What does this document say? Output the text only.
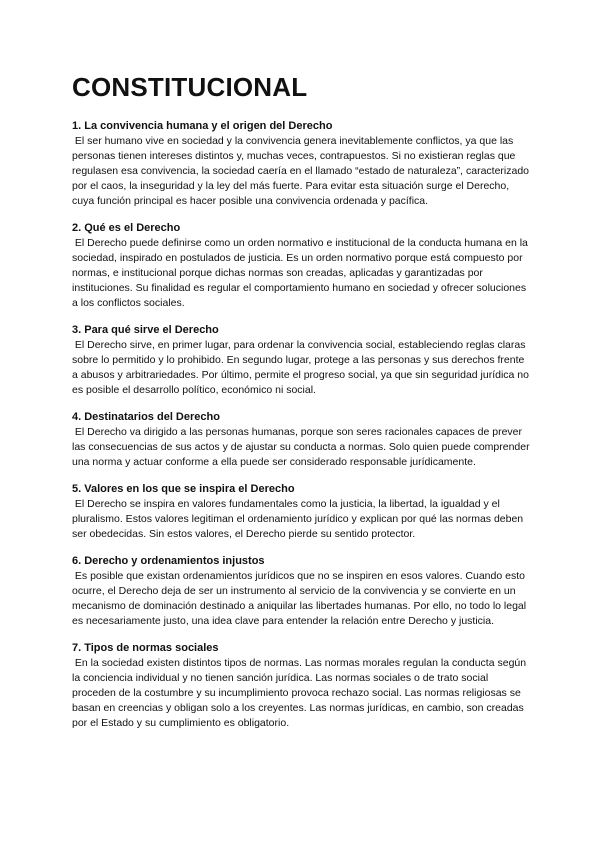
CONSTITUCIONAL
1. La convivencia humana y el origen del Derecho

El ser humano vive en sociedad y la convivencia genera inevitablemente conflictos, ya que las personas tienen intereses distintos y, muchas veces, contrapuestos. Si no existieran reglas que regulasen esa convivencia, la sociedad caería en el llamado “estado de naturaleza”, caracterizado por el caos, la inseguridad y la ley del más fuerte. Para evitar esta situación surge el Derecho, cuya función principal es hacer posible una convivencia ordenada y pacífica.

2. Qué es el Derecho

El Derecho puede definirse como un orden normativo e institucional de la conducta humana en la sociedad, inspirado en postulados de justicia. Es un orden normativo porque está compuesto por normas, e institucional porque dichas normas son creadas, aplicadas y garantizadas por instituciones. Su finalidad es regular el comportamiento humano en sociedad y ofrecer soluciones a los conflictos sociales.

3. Para qué sirve el Derecho

El Derecho sirve, en primer lugar, para ordenar la convivencia social, estableciendo reglas claras sobre lo permitido y lo prohibido. En segundo lugar, protege a las personas y sus derechos frente a abusos y arbitrariedades. Por último, permite el progreso social, ya que sin seguridad jurídica no es posible el desarrollo político, económico ni social.

4. Destinatarios del Derecho

El Derecho va dirigido a las personas humanas, porque son seres racionales capaces de prever las consecuencias de sus actos y de ajustar su conducta a normas. Solo quien puede comprender una norma y actuar conforme a ella puede ser considerado responsable jurídicamente.

5. Valores en los que se inspira el Derecho

El Derecho se inspira en valores fundamentales como la justicia, la libertad, la igualdad y el pluralismo. Estos valores legitiman el ordenamiento jurídico y explican por qué las normas deben ser obedecidas. Sin estos valores, el Derecho pierde su sentido protector.

6. Derecho y ordenamientos injustos

Es posible que existan ordenamientos jurídicos que no se inspiren en esos valores. Cuando esto ocurre, el Derecho deja de ser un instrumento al servicio de la convivencia y se convierte en un mecanismo de dominación destinado a aniquilar las libertades humanas. Por ello, no todo lo legal es necesariamente justo, una idea clave para entender la relación entre Derecho y justicia.

7. Tipos de normas sociales

En la sociedad existen distintos tipos de normas. Las normas morales regulan la conducta según la conciencia individual y no tienen sanción jurídica. Las normas sociales o de trato social proceden de la costumbre y su incumplimiento provoca rechazo social. Las normas religiosas se basan en creencias y obligan solo a los creyentes. Las normas jurídicas, en cambio, son creadas por el Estado y su cumplimiento es obligatorio.
